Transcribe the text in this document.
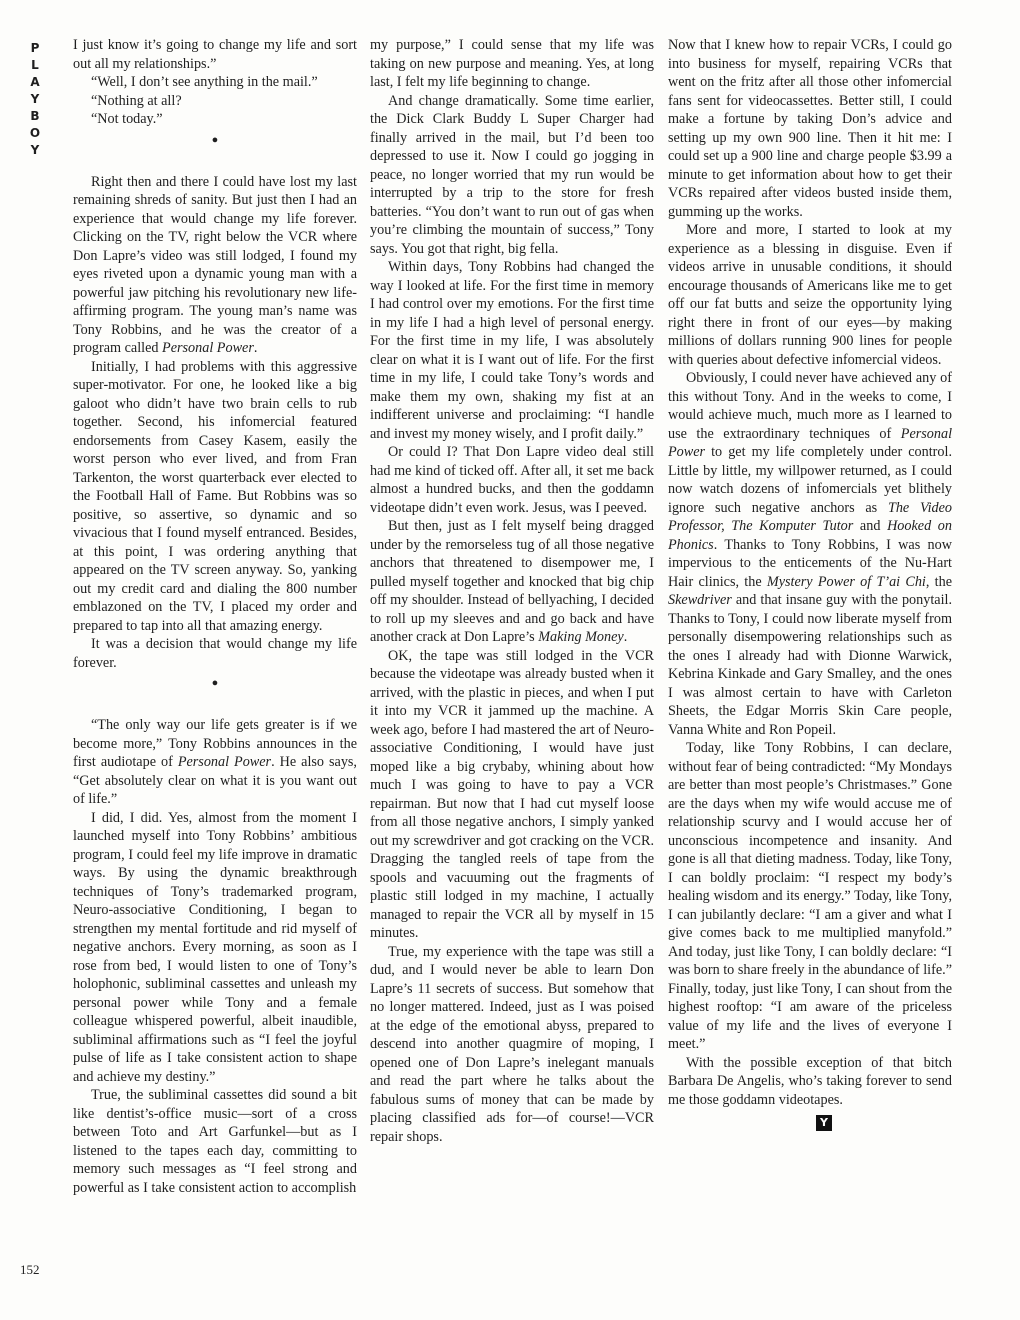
P
L
A
Y
B
O
Y
152

I just know it’s going to change my life and sort out all my relationships.”

“Well, I don’t see anything in the mail.”

“Nothing at all?

“Not today.”

●

Right then and there I could have lost my last remaining shreds of sanity. But just then I had an experience that would change my life forever. Clicking on the TV, right below the VCR where Don Lapre’s video was still lodged, I found my eyes riveted upon a dynamic young man with a powerful jaw pitching his revolutionary new life-affirming program. The young man’s name was Tony Robbins, and he was the creator of a program called Personal Power.

Initially, I had problems with this aggressive super-motivator. For one, he looked like a big galoot who didn’t have two brain cells to rub together. Second, his infomercial featured endorsements from Casey Kasem, easily the worst person who ever lived, and from Fran Tarkenton, the worst quarterback ever elected to the Football Hall of Fame. But Robbins was so positive, so assertive, so dynamic and so vivacious that I found myself entranced. Besides, at this point, I was ordering anything that appeared on the TV screen anyway. So, yanking out my credit card and dialing the 800 number emblazoned on the TV, I placed my order and prepared to tap into all that amazing energy.

It was a decision that would change my life forever.

●

“The only way our life gets greater is if we become more,” Tony Robbins announces in the first audiotape of Personal Power. He also says, “Get absolutely clear on what it is you want out of life.”

I did, I did. Yes, almost from the moment I launched myself into Tony Robbins’ ambitious program, I could feel my life improve in dramatic ways. By using the dynamic breakthrough techniques of Tony’s trademarked program, Neuro-associative Conditioning, I began to strengthen my mental fortitude and rid myself of negative anchors. Every morning, as soon as I rose from bed, I would listen to one of Tony’s holophonic, subliminal cassettes and unleash my personal power while Tony and a female colleague whispered powerful, albeit inaudible, subliminal affirmations such as “I feel the joyful pulse of life as I take consistent action to shape and achieve my destiny.”

True, the subliminal cassettes did sound a bit like dentist’s-office music—sort of a cross between Toto and Art Garfunkel—but as I listened to the tapes each day, committing to memory such messages as “I feel strong and powerful as I take consistent action to accomplish

my purpose,” I could sense that my life was taking on new purpose and meaning. Yes, at long last, I felt my life beginning to change.

And change dramatically. Some time earlier, the Dick Clark Buddy L Super Charger had finally arrived in the mail, but I’d been too depressed to use it. Now I could go jogging in peace, no longer worried that my run would be interrupted by a trip to the store for fresh batteries. “You don’t want to run out of gas when you’re climbing the mountain of success,” Tony says. You got that right, big fella.

Within days, Tony Robbins had changed the way I looked at life. For the first time in memory I had control over my emotions. For the first time in my life I had a high level of personal energy. For the first time in my life, I was absolutely clear on what it is I want out of life. For the first time in my life, I could take Tony’s words and make them my own, shaking my fist at an indifferent universe and proclaiming: “I handle and invest my money wisely, and I profit daily.”

Or could I? That Don Lapre video deal still had me kind of ticked off. After all, it set me back almost a hundred bucks, and then the goddamn videotape didn’t even work. Jesus, was I peeved.

But then, just as I felt myself being dragged under by the remorseless tug of all those negative anchors that threatened to disempower me, I pulled myself together and knocked that big chip off my shoulder. Instead of bellyaching, I decided to roll up my sleeves and and go back and have another crack at Don Lapre’s Making Money.

OK, the tape was still lodged in the VCR because the videotape was already busted when it arrived, with the plastic in pieces, and when I put it into my VCR it jammed up the machine. A week ago, before I had mastered the art of Neuro-associative Conditioning, I would have just moped like a big crybaby, whining about how much I was going to have to pay a VCR repairman. But now that I had cut myself loose from all those negative anchors, I simply yanked out my screwdriver and got cracking on the VCR. Dragging the tangled reels of tape from the spools and vacuuming out the fragments of plastic still lodged in my machine, I actually managed to repair the VCR all by myself in 15 minutes.

True, my experience with the tape was still a dud, and I would never be able to learn Don Lapre’s 11 secrets of success. But somehow that no longer mattered. Indeed, just as I was poised at the edge of the emotional abyss, prepared to descend into another quagmire of moping, I opened one of Don Lapre’s inelegant manuals and read the part where he talks about the fabulous sums of money that can be made by placing classified ads for—of course!—VCR repair shops.

Now that I knew how to repair VCRs, I could go into business for myself, repairing VCRs that went on the fritz after all those other infomercial fans sent for videocassettes. Better still, I could make a fortune by taking Don’s advice and setting up my own 900 line. Then it hit me: I could set up a 900 line and charge people $3.99 a minute to get information about how to get their VCRs repaired after videos busted inside them, gumming up the works.

More and more, I started to look at my experience as a blessing in disguise. Even if videos arrive in unusable conditions, it should encourage thousands of Americans like me to get off our fat butts and seize the opportunity lying right there in front of our eyes—by making millions of dollars running 900 lines for people with queries about defective infomercial videos.

Obviously, I could never have achieved any of this without Tony. And in the weeks to come, I would achieve much, much more as I learned to use the extraordinary techniques of Personal Power to get my life completely under control. Little by little, my willpower returned, as I could now watch dozens of infomercials yet blithely ignore such negative anchors as The Video Professor, The Komputer Tutor and Hooked on Phonics. Thanks to Tony Robbins, I was now impervious to the enticements of the Nu-Hart Hair clinics, the Mystery Power of T’ai Chi, the Skewdriver and that insane guy with the ponytail. Thanks to Tony, I could now liberate myself from personally disempowering relationships such as the ones I already had with Dionne Warwick, Kebrina Kinkade and Gary Smalley, and the ones I was almost certain to have with Carleton Sheets, the Edgar Morris Skin Care people, Vanna White and Ron Popeil.

Today, like Tony Robbins, I can declare, without fear of being contradicted: “My Mondays are better than most people’s Christmases.” Gone are the days when my wife would accuse me of relationship scurvy and I would accuse her of unconscious incompetence and insanity. And gone is all that dieting madness. Today, like Tony, I can boldly proclaim: “I respect my body’s healing wisdom and its energy.” Today, like Tony, I can jubilantly declare: “I am a giver and what I give comes back to me multiplied manyfold.” And today, just like Tony, I can boldly declare: “I was born to share freely in the abundance of life.” Finally, today, just like Tony, I can shout from the highest rooftop: “I am aware of the priceless value of my life and the lives of everyone I meet.”

With the possible exception of that bitch Barbara De Angelis, who’s taking forever to send me those goddamn videotapes.

Y
